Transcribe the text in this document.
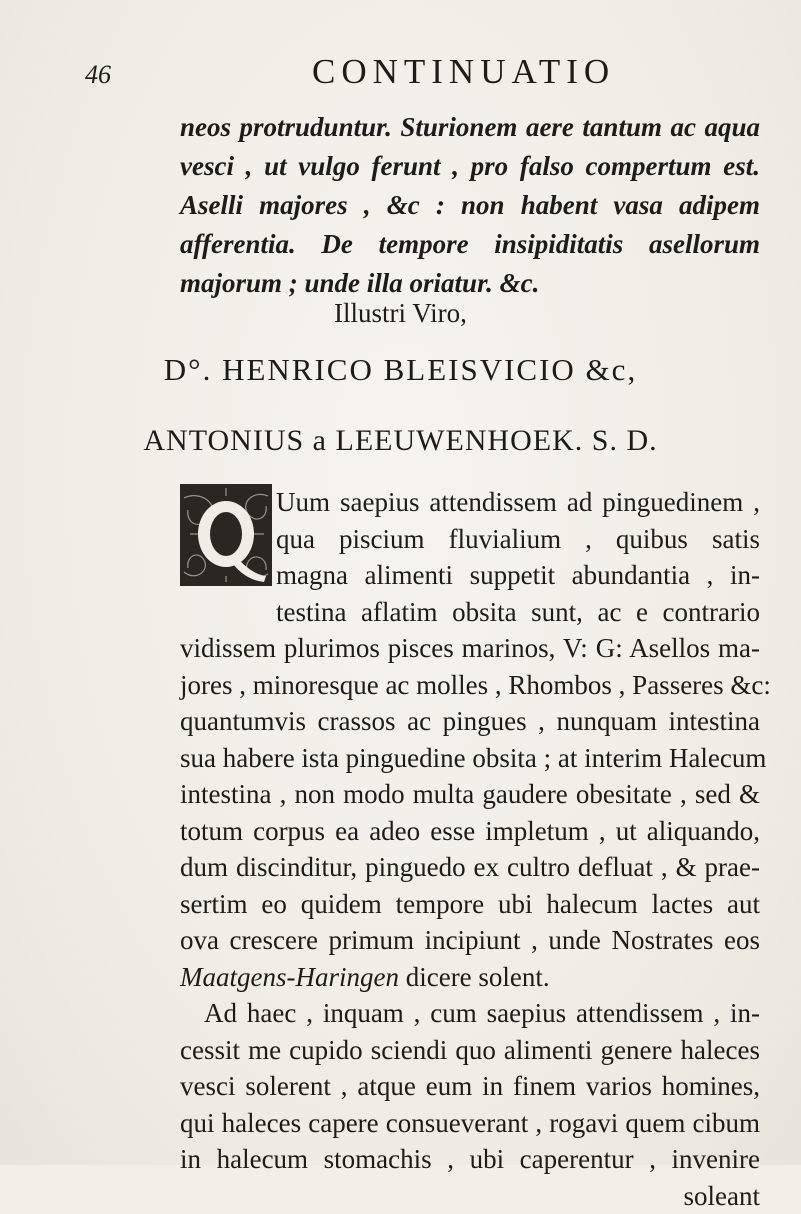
46	CONTINUATIO
neos protruduntur. Sturionem aere tantum ac aqua
vesci , ut vulgo ferunt , pro falso compertum est.
Aselli majores , &c : non habent vasa adipem
afferentia. De tempore insipiditatis asellorum
majorum ; unde illa oriatur. &c.
Illustri Viro,
D°. HENRICO BLEISVICIO &c,
ANTONIUS a LEEUWENHOEK. S. D.
Uum saepius attendissem ad pinguedinem ,
qua piscium fluvialium , quibus satis
magna alimenti suppetit abundantia , in-
testina aflatim obsita sunt, ac e contrario
vidissem plurimos pisces marinos, V: G: Asellos ma-
jores , minoresque ac molles , Rhombos , Passeres &c:
quantumvis crassos ac pingues , nunquam intestina
sua habere ista pinguedine obsita ; at interim Halecum
intestina , non modo multa gaudere obesitate , sed &
totum corpus ea adeo esse impletum , ut aliquando,
dum discinditur, pinguedo ex cultro defluat , & prae-
sertim eo quidem tempore ubi halecum lactes aut
ova crescere primum incipiunt , unde Nostrates eos
Maatgens-Haringen dicere solent.
Ad haec , inquam , cum saepius attendissem , in-
cessit me cupido sciendi quo alimenti genere haleces
vesci solerent , atque eum in finem varios homines,
qui haleces capere consueverant , rogavi quem cibum
in halecum stomachis , ubi caperentur , invenire
soleant
